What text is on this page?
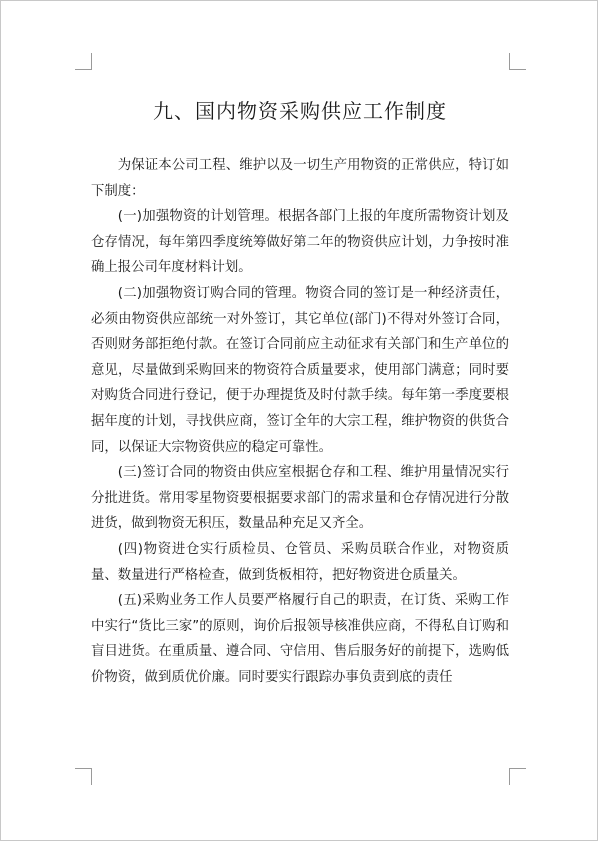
九、国内物资采购供应工作制度

为保证本公司工程、维护以及一切生产用物资的正常供应，特订如下制度：

(一)加强物资的计划管理。根据各部门上报的年度所需物资计划及仓存情况，每年第四季度统筹做好第二年的物资供应计划，力争按时准确上报公司年度材料计划。

(二)加强物资订购合同的管理。物资合同的签订是一种经济责任，必须由物资供应部统一对外签订，其它单位(部门)不得对外签订合同，否则财务部拒绝付款。在签订合同前应主动征求有关部门和生产单位的意见，尽量做到采购回来的物资符合质量要求，使用部门满意；同时要对购货合同进行登记，便于办理提货及时付款手续。每年第一季度要根据年度的计划，寻找供应商，签订全年的大宗工程，维护物资的供货合同，以保证大宗物资供应的稳定可靠性。

(三)签订合同的物资由供应室根据仓存和工程、维护用量情况实行分批进货。常用零星物资要根据要求部门的需求量和仓存情况进行分散进货，做到物资无积压，数量品种充足又齐全。

(四)物资进仓实行质检员、仓管员、采购员联合作业，对物资质量、数量进行严格检查，做到货板相符，把好物资进仓质量关。

(五)采购业务工作人员要严格履行自己的职责，在订货、采购工作中实行“货比三家”的原则，询价后报领导核准供应商，不得私自订购和盲目进货。在重质量、遵合同、守信用、售后服务好的前提下，选购低价物资，做到质优价廉。同时要实行跟踪办事负责到底的责任
